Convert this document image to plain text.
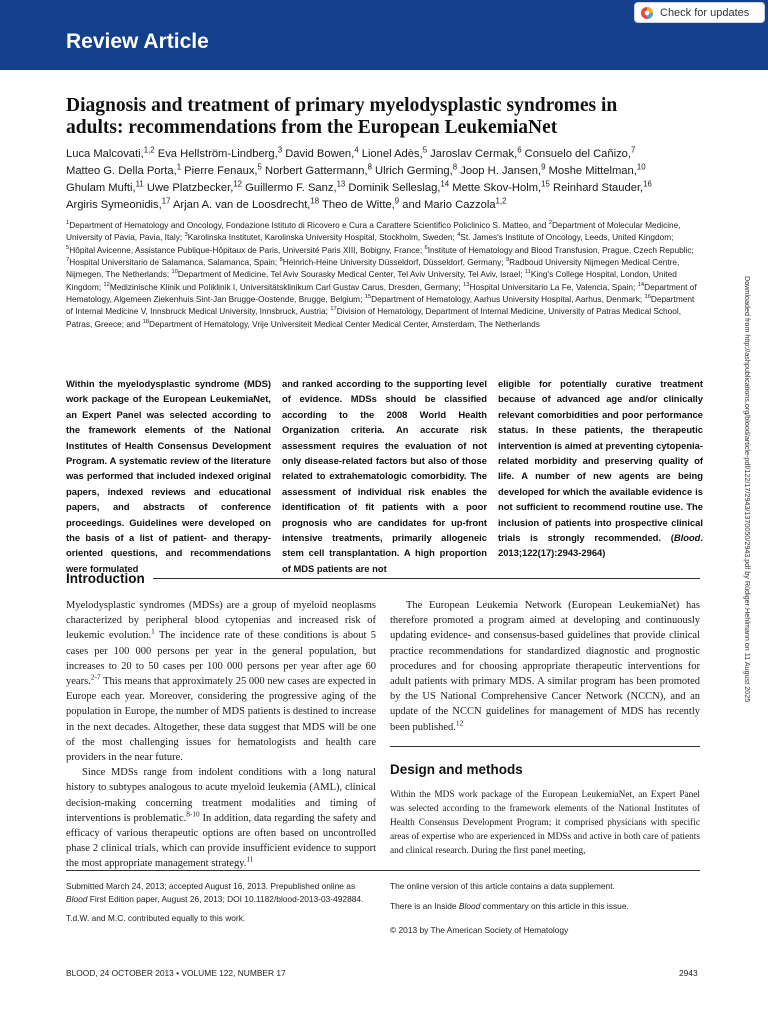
Review Article
Check for updates
Diagnosis and treatment of primary myelodysplastic syndromes in adults: recommendations from the European LeukemiaNet
Luca Malcovati,$^{1,2}$ Eva Hellström-Lindberg,$^3$ David Bowen,$^4$ Lionel Adès,$^5$ Jaroslav Cermak,$^6$ Consuelo del Cañizo,$^7$
Matteo G. Della Porta,$^1$ Pierre Fenaux,$^5$ Norbert Gattermann,$^8$ Ulrich Germing,$^8$ Joop H. Jansen,$^9$ Moshe Mittelman,$^{10}$
Ghulam Mufti,$^{11}$ Uwe Platzbecker,$^{12}$ Guillermo F. Sanz,$^{13}$ Dominik Selleslag,$^{14}$ Mette Skov-Holm,$^{15}$ Reinhard Stauder,$^{16}$
Argiris Symeonidis,$^{17}$ Arjan A. van de Loosdrecht,$^{18}$ Theo de Witte,$^9$ and Mario Cazzola$^{1,2}$
$^1$Department of Hematology and Oncology, Fondazione Istituto di Ricovero e Cura a Carattere Scientifico Policlinico S. Matteo, and $^2$Department of Molecular Medicine, University of Pavia, Pavia, Italy; $^3$Karolinska Institutet, Karolinska University Hospital, Stockholm, Sweden; $^4$St. James's Institute of Oncology, Leeds, United Kingdom; $^5$Hôpital Avicenne, Assistance Publique-Hôpitaux de Paris, Université Paris XIII, Bobigny, France; $^6$Institute of Hematology and Blood Transfusion, Prague, Czech Republic; $^7$Hospital Universitario de Salamanca, Salamanca, Spain; $^8$Heinrich-Heine University Düsseldorf, Düsseldorf, Germany; $^9$Radboud University Nijmegen Medical Centre, Nijmegen, The Netherlands; $^{10}$Department of Medicine, Tel Aviv Sourasky Medical Center, Tel Aviv University, Tel Aviv, Israel; $^{11}$King's College Hospital, London, United Kingdom; $^{12}$Medizinische Klinik und Poliklinik I, Universitätsklinikum Carl Gustav Carus, Dresden, Germany; $^{13}$Hospital Universitario La Fe, Valencia, Spain; $^{14}$Department of Hematology, Algemeen Ziekenhuis Sint-Jan Brugge-Oostende, Brugge, Belgium; $^{15}$Department of Hematology, Aarhus University Hospital, Aarhus, Denmark; $^{16}$Department of Internal Medicine V, Innsbruck Medical University, Innsbruck, Austria; $^{17}$Division of Hematology, Department of Internal Medicine, University of Patras Medical School, Patras, Greece; and $^{18}$Department of Hematology, Vrije Universiteit Medical Center Medical Center, Amsterdam, The Netherlands
Within the myelodysplastic syndrome (MDS) work package of the European LeukemiaNet, an Expert Panel was selected according to the framework elements of the National Institutes of Health Consensus Development Program. A systematic review of the literature was performed that included indexed original papers, indexed reviews and educational papers, and abstracts of conference proceedings. Guidelines were developed on the basis of a list of patient- and therapy-oriented questions, and recommendations were formulated
and ranked according to the supporting level of evidence. MDSs should be classified according to the 2008 World Health Organization criteria. An accurate risk assessment requires the evaluation of not only disease-related factors but also of those related to extrahematologic comorbidity. The assessment of individual risk enables the identification of fit patients with a poor prognosis who are candidates for up-front intensive treatments, primarily allogeneic stem cell transplantation. A high proportion of MDS patients are not
eligible for potentially curative treatment because of advanced age and/or clinically relevant comorbidities and poor performance status. In these patients, the therapeutic intervention is aimed at preventing cytopenia-related morbidity and preserving quality of life. A number of new agents are being developed for which the available evidence is not sufficient to recommend routine use. The inclusion of patients into prospective clinical trials is strongly recommended. (Blood. 2013;122(17):2943-2964)	Downloaded from http://ashpublications.org/blood/article-pdf/122/17/2943/1370050/2943.pdf by Rüdiger Hehlmann on 11 August 2025
Introduction

Myelodysplastic syndromes (MDSs) are a group of myeloid neoplasms characterized by peripheral blood cytopenias and increased risk of leukemic evolution.$^1$ The incidence rate of these conditions is about 5 cases per 100 000 persons per year in the general population, but increases to 20 to 50 cases per 100 000 persons per year after age 60 years.$^{2-7}$ This means that approximately 25 000 new cases are expected in Europe each year. Moreover, considering the progressive aging of the population in Europe, the number of MDS patients is destined to increase in the next decades. Altogether, these data suggest that MDS will be one of the most challenging issues for hematologists and health care providers in the near future.

Since MDSs range from indolent conditions with a long natural history to subtypes analogous to acute myeloid leukemia (AML), clinical decision-making concerning treatment modalities and timing of interventions is problematic.$^{8-10}$ In addition, data regarding the safety and efficacy of various therapeutic options are often based on uncontrolled phase 2 clinical trials, which can provide insufficient evidence to support the most appropriate management strategy.$^{11}$

The European Leukemia Network (European LeukemiaNet) has therefore promoted a program aimed at developing and continuously updating evidence- and consensus-based guidelines that provide clinical practice recommendations for standardized diagnostic and prognostic procedures and for choosing appropriate therapeutic interventions for adult patients with primary MDS. A similar program has been promoted by the US National Comprehensive Cancer Network (NCCN), and an update of the NCCN guidelines for management of MDS has recently been published.$^{12}$

Design and methods
Within the MDS work package of the European LeukemiaNet, an Expert Panel was selected according to the framework elements of the National Institutes of Health Consensus Development Program; it comprised physicians with specific areas of expertise who are experienced in MDSs and active in both care of patients and clinical research. During the first panel meeting,

Submitted March 24, 2013; accepted August 16, 2013. Prepublished online as Blood First Edition paper, August 26, 2013; DOI 10.1182/blood-2013-03-492884.

T.d.W. and M.C. contributed equally to this work.

The online version of this article contains a data supplement.

There is an Inside Blood commentary on this article in this issue.

© 2013 by The American Society of Hematology

BLOOD, 24 OCTOBER 2013 • VOLUME 122, NUMBER 17	2943
